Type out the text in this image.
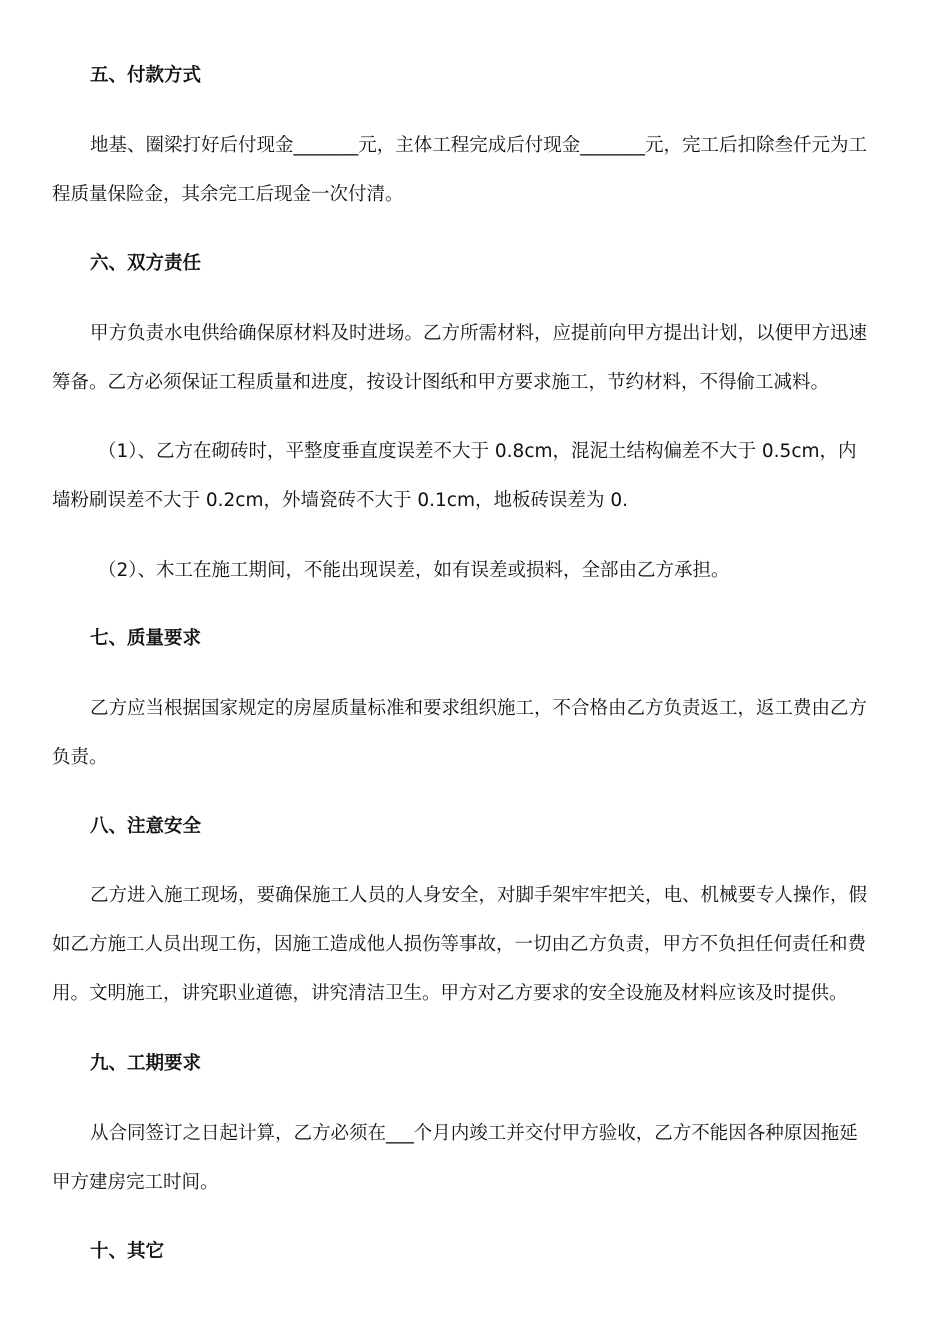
五、付款方式
地基、圈梁打好后付现金_______元，主体工程完成后付现金_______元，完工后扣除叁仟元为工
程质量保险金，其余完工后现金一次付清。
六、双方责任
甲方负责水电供给确保原材料及时进场。乙方所需材料，应提前向甲方提出计划，以便甲方迅速
筹备。乙方必须保证工程质量和进度，按设计图纸和甲方要求施工，节约材料，不得偷工减料。
（1）、乙方在砌砖时，平整度垂直度误差不大于 0.8cm，混泥土结构偏差不大于 0.5cm，内
墙粉刷误差不大于 0.2cm，外墙瓷砖不大于 0.1cm，地板砖误差为 0.
（2）、木工在施工期间，不能出现误差，如有误差或损料，全部由乙方承担。
七、质量要求
乙方应当根据国家规定的房屋质量标准和要求组织施工，不合格由乙方负责返工，返工费由乙方
负责。
八、注意安全
乙方进入施工现场，要确保施工人员的人身安全，对脚手架牢牢把关，电、机械要专人操作，假
如乙方施工人员出现工伤，因施工造成他人损伤等事故，一切由乙方负责，甲方不负担任何责任和费
用。文明施工，讲究职业道德，讲究清洁卫生。甲方对乙方要求的安全设施及材料应该及时提供。
九、工期要求
从合同签订之日起计算，乙方必须在___个月内竣工并交付甲方验收，乙方不能因各种原因拖延
甲方建房完工时间。
十、其它
